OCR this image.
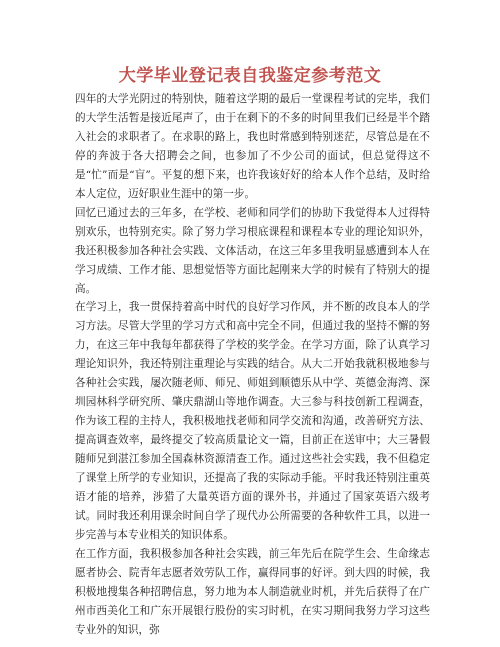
大学毕业登记表自我鉴定参考范文

四年的大学光阴过的特别快，随着这学期的最后一堂课程考试的完毕，我们的大学生活暂是接近尾声了，由于在剩下的不多的时间里我们已经是半个踏入社会的求职者了。在求职的路上，我也时常感到特别迷茫，尽管总是在不停的奔波于各大招聘会之间，也参加了不少公司的面试，但总觉得这不是“忙”而是“盲”。平复的想下来，也许我该好好的给本人作个总结，及时给本人定位，迈好职业生涯中的第一步。

回忆已通过去的三年多，在学校、老师和同学们的协助下我觉得本人过得特别欢乐，也特别充实。除了努力学习根底课程和课程本专业的理论知识外，我还积极参加各种社会实践、文体活动，在这三年多里我明显感遭到本人在学习成绩、工作才能、思想觉悟等方面比起刚来大学的时候有了特别大的提高。

在学习上，我一贯保持着高中时代的良好学习作风，并不断的改良本人的学习方法。尽管大学里的学习方式和高中完全不同，但通过我的坚持不懈的努力，在这三年中我每年都获得了学校的奖学金。在学习方面，除了认真学习理论知识外，我还特别注重理论与实践的结合。从大二开始我就积极地参与各种社会实践，屡次随老师、师兄、师姐到顺德乐从中学、英德金海湾、深圳园林科学研究所、肇庆鼎湖山等地作调查。大三参与科技创新工程调查，作为该工程的主持人，我积极地找老师和同学交流和沟通，改善研究方法、提高调查效率，最终提交了较高质量论文一篇，目前正在送审中；大三暑假随师兄到湛江参加全国森林资源清查工作。通过这些社会实践，我不但稳定了课堂上所学的专业知识，还提高了我的实际动手能。平时我还特别注重英语才能的培养，涉猎了大量英语方面的课外书，并通过了国家英语六级考试。同时我还利用课余时间自学了现代办公所需要的各种软件工具，以进一步完善与本专业相关的知识体系。

在工作方面，我积极参加各种社会实践，前三年先后在院学生会、生命缘志愿者协会、院青年志愿者效劳队工作，赢得同事的好评。到大四的时候，我积极地搜集各种招聘信息，努力地为本人制造就业时机，并先后获得了在广州市西美化工和广东开展银行股份的实习时机，在实习期间我努力学习这些专业外的知识，弥
